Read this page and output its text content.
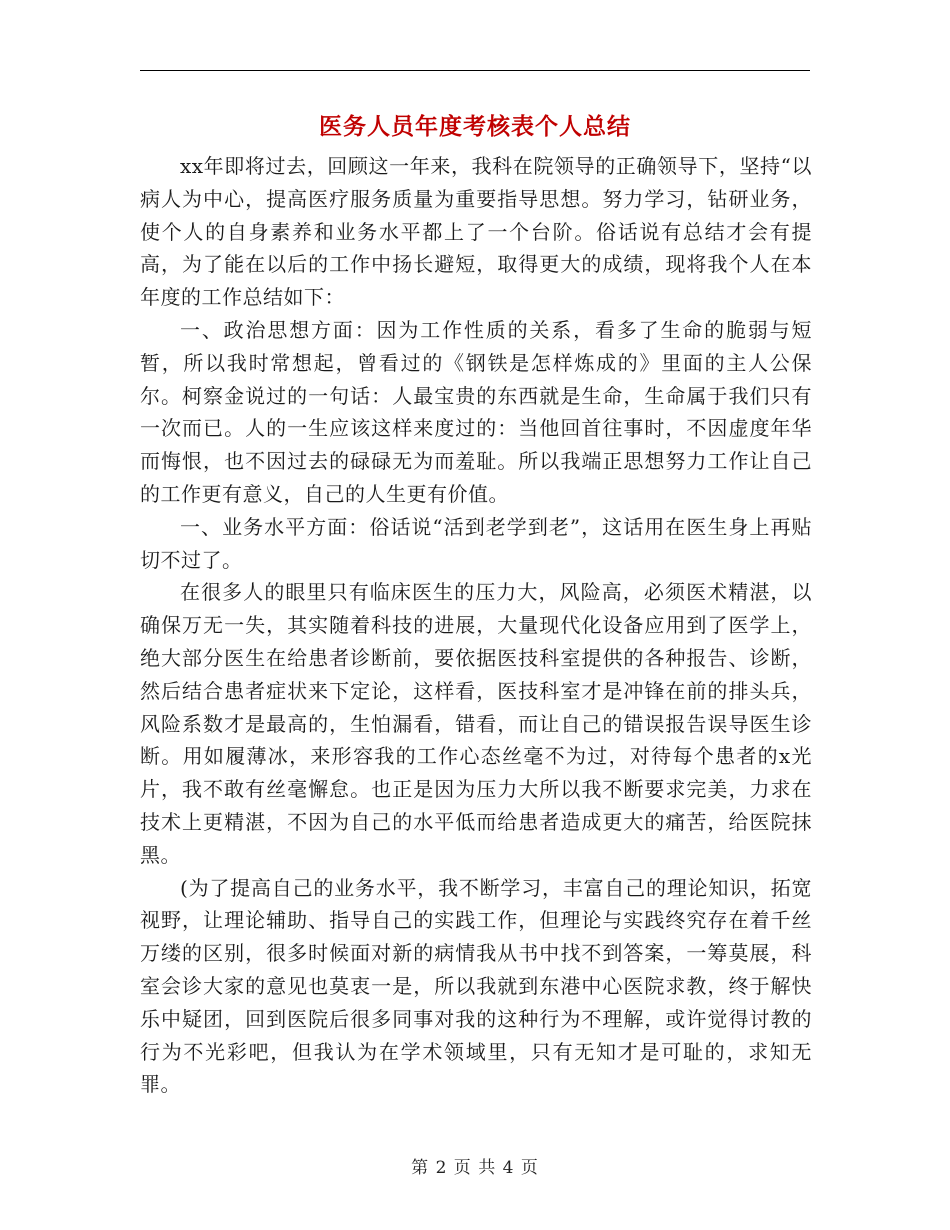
医务人员年度考核表个人总结

xx年即将过去，回顾这一年来，我科在院领导的正确领导下，坚持“以病人为中心，提高医疗服务质量为重要指导思想。努力学习，钻研业务，使个人的自身素养和业务水平都上了一个台阶。俗话说有总结才会有提高，为了能在以后的工作中扬长避短，取得更大的成绩，现将我个人在本年度的工作总结如下：

一、政治思想方面：因为工作性质的关系，看多了生命的脆弱与短暂，所以我时常想起，曾看过的《钢铁是怎样炼成的》里面的主人公保尔。柯察金说过的一句话：人最宝贵的东西就是生命，生命属于我们只有一次而已。人的一生应该这样来度过的：当他回首往事时，不因虚度年华而悔恨，也不因过去的碌碌无为而羞耻。所以我端正思想努力工作让自己的工作更有意义，自己的人生更有价值。

一、业务水平方面：俗话说“活到老学到老”，这话用在医生身上再贴切不过了。

在很多人的眼里只有临床医生的压力大，风险高，必须医术精湛，以确保万无一失，其实随着科技的进展，大量现代化设备应用到了医学上，绝大部分医生在给患者诊断前，要依据医技科室提供的各种报告、诊断，然后结合患者症状来下定论，这样看，医技科室才是冲锋在前的排头兵，风险系数才是最高的，生怕漏看，错看，而让自己的错误报告误导医生诊断。用如履薄冰，来形容我的工作心态丝毫不为过，对待每个患者的x光片，我不敢有丝毫懈怠。也正是因为压力大所以我不断要求完美，力求在技术上更精湛，不因为自己的水平低而给患者造成更大的痛苦，给医院抹黑。

(为了提高自己的业务水平，我不断学习，丰富自己的理论知识，拓宽视野，让理论辅助、指导自己的实践工作，但理论与实践终究存在着千丝万缕的区别，很多时候面对新的病情我从书中找不到答案，一筹莫展，科室会诊大家的意见也莫衷一是，所以我就到东港中心医院求教，终于解快乐中疑团，回到医院后很多同事对我的这种行为不理解，或许觉得讨教的行为不光彩吧，但我认为在学术领域里，只有无知才是可耻的，求知无罪。

第 2 页 共 4 页
